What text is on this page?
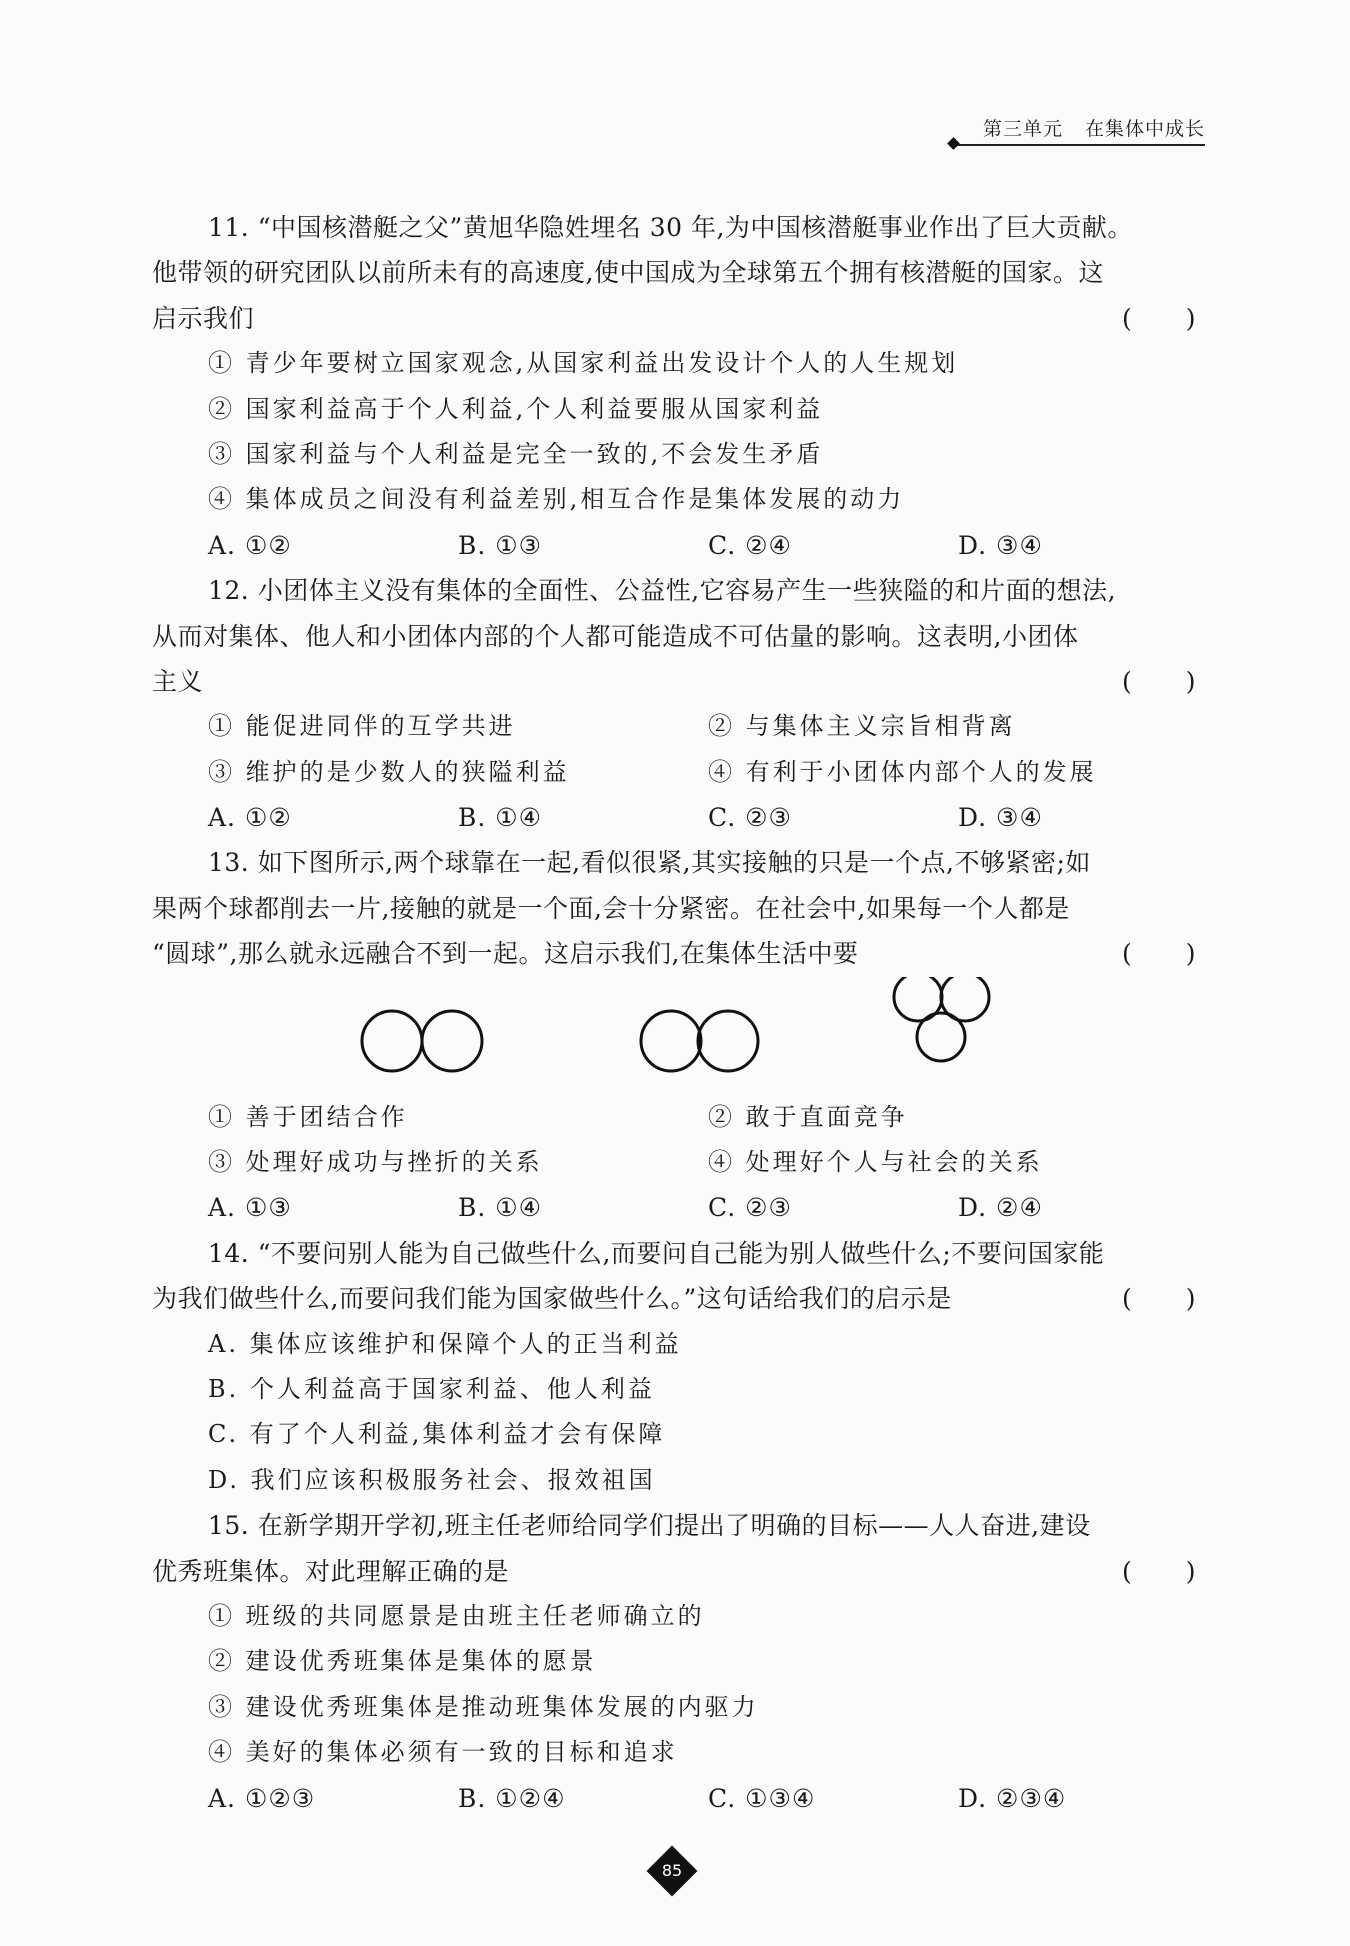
第三单元 在集体中成长
11. “中国核潜艇之父”黄旭华隐姓埋名 30 年,为中国核潜艇事业作出了巨大贡献。
他带领的研究团队以前所未有的高速度,使中国成为全球第五个拥有核潜艇的国家。这
启示我们	( )
① 青少年要树立国家观念,从国家利益出发设计个人的人生规划
② 国家利益高于个人利益,个人利益要服从国家利益
③ 国家利益与个人利益是完全一致的,不会发生矛盾
④ 集体成员之间没有利益差别,相互合作是集体发展的动力
A. ①②	B. ①③	C. ②④	D. ③④
12. 小团体主义没有集体的全面性、公益性,它容易产生一些狭隘的和片面的想法,
从而对集体、他人和小团体内部的个人都可能造成不可估量的影响。这表明,小团体
主义	( )
① 能促进同伴的互学共进	② 与集体主义宗旨相背离
③ 维护的是少数人的狭隘利益	④ 有利于小团体内部个人的发展
A. ①②	B. ①④	C. ②③	D. ③④
13. 如下图所示,两个球靠在一起,看似很紧,其实接触的只是一个点,不够紧密;如
果两个球都削去一片,接触的就是一个面,会十分紧密。在社会中,如果每一个人都是
“圆球”,那么就永远融合不到一起。这启示我们,在集体生活中要	( )
① 善于团结合作	② 敢于直面竞争
③ 处理好成功与挫折的关系	④ 处理好个人与社会的关系
A. ①③	B. ①④	C. ②③	D. ②④
14. “不要问别人能为自己做些什么,而要问自己能为别人做些什么;不要问国家能
为我们做些什么,而要问我们能为国家做些什么。”这句话给我们的启示是	( )
A. 集体应该维护和保障个人的正当利益
B. 个人利益高于国家利益、他人利益
C. 有了个人利益,集体利益才会有保障
D. 我们应该积极服务社会、报效祖国
15. 在新学期开学初,班主任老师给同学们提出了明确的目标——人人奋进,建设
优秀班集体。对此理解正确的是	( )
① 班级的共同愿景是由班主任老师确立的
② 建设优秀班集体是集体的愿景
③ 建设优秀班集体是推动班集体发展的内驱力
④ 美好的集体必须有一致的目标和追求
A. ①②③	B. ①②④	C. ①③④	D. ②③④
85
